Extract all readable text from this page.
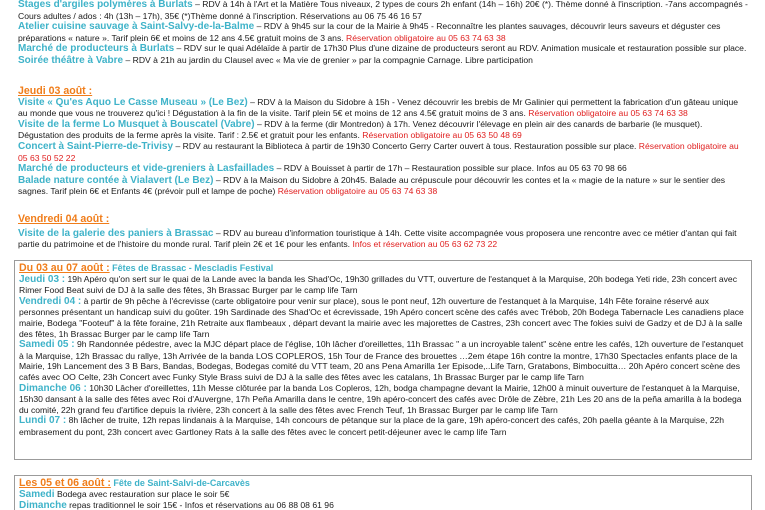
Stages d'argiles polymères à Burlats – RDV à 14h à l'Art et la Matière Tous niveaux, 2 types de cours 2h enfant (14h – 16h) 20€ (*). Thème donné à l'inscription. -7ans accompagnés - Cours adultes / ados : 4h (13h – 17h), 35€ (*)Thème donné à l'inscription. Réservations au 06 75 46 16 57

Atelier cuisine sauvage à Saint-Salvy-de-la-Balme – RDV à 9h45 sur la cour de la Mairie à 9h45 - Reconnaître les plantes sauvages, découvrir leurs saveurs et déguster ces préparations « nature ». Tarif plein 6€ et moins de 12 ans 4.5€ gratuit moins de 3 ans. Réservation obligatoire au 05 63 74 63 38

Marché de producteurs à Burlats – RDV sur le quai Adélaïde à partir de 17h30 Plus d'une dizaine de producteurs seront au RDV. Animation musicale et restauration possible sur place.

Soirée théâtre à Vabre – RDV à 21h au jardin du Clausel avec « Ma vie de grenier » par la compagnie Carnage. Libre participation

Jeudi 03 août :

Visite « Qu'es Aquo Le Casse Museau » (Le Bez) – RDV à la Maison du Sidobre à 15h - Venez découvrir les brebis de Mr Galinier qui permettent la fabrication d'un gâteau unique au monde que vous ne trouverez qu'ici ! Dégustation à la fin de la visite. Tarif plein 5€ et moins de 12 ans 4.5€ gratuit moins de 3 ans. Réservation obligatoire au 05 63 74 63 38

Visite de la ferme Lo Musquet à Bouscatel (Vabre) – RDV à la ferme (dir Montredon) à 17h. Venez découvrir l'élevage en plein air des canards de barbarie (le musquet). Dégustation des produits de la ferme après la visite. Tarif : 2.5€ et gratuit pour les enfants. Réservation obligatoire au 05 63 50 48 69

Concert à Saint-Pierre-de-Trivisy – RDV au restaurant la Biblioteca à partir de 19h30 Concerto Gerry Carter ouvert à tous. Restauration possible sur place. Réservation obligatoire au 05 63 50 52 22

Marché de producteurs et vide-greniers à Lasfaillades – RDV à Bouisset à partir de 17h – Restauration possible sur place. Infos au 05 63 70 98 66

Balade nature contée à Vialavert (Le Bez) – RDV à la Maison du Sidobre à 20h45. Balade au crépuscule pour découvrir les contes et la « magie de la nature » sur le sentier des sagnes. Tarif plein 6€ et Enfants 4€ (prévoir pull et lampe de poche) Réservation obligatoire au 05 63 74 63 38

Vendredi 04 août :

Visite de la galerie des paniers à Brassac – RDV au bureau d'information touristique à 14h. Cette visite accompagnée vous proposera une rencontre avec ce métier d'antan qui fait partie du patrimoine et de l'histoire du monde rural. Tarif plein 2€ et 1€ pour les enfants. Infos et réservation au 05 63 62 73 22

Du 03 au 07 août : Fêtes de Brassac - Mescladis Festival

Jeudi 03 : 19h Apéro qu'on sert sur le quai de la Lande avec la banda les Shad'Oc, 19h30 grillades du VTT, ouverture de l'estanquet à la Marquise, 20h bodega Yeti ride, 23h concert avec Rimer Food Beat suivi de DJ à la salle des fêtes, 3h Brassac Burger par le camp life Tarn

Vendredi 04 : à partir de 9h pêche à l'écrevisse (carte obligatoire pour venir sur place), sous le pont neuf, 12h ouverture de l'estanquet à la Marquise, 14h Fête foraine réservé aux personnes présentant un handicap suivi du goûter. 19h Sardinade des Shad'Oc et écrevissade, 19h Apéro concert scène des cafés avec Trébob, 20h Bodega Tabernacle Les canadiens place mairie, Bodega "Footeuf" à la fête foraine, 21h Retraite aux flambeaux , départ devant la mairie avec les majorettes de Castres, 23h concert avec The fokies suivi de Gadzy et de DJ à la salle des fêtes, 1h Brassac Burger par le camp life Tarn

Samedi 05 : 9h Randonnée pédestre, avec la MJC départ place de l'église, 10h lâcher d'oreillettes, 11h Brassac " a un incroyable talent" scène entre les cafés, 12h ouverture de l'estanquet à la Marquise, 12h Brassac du rallye, 13h Arrivée de la banda LOS COPLEROS, 15h Tour de France des brouettes …2em étape 16h contre la montre, 17h30 Spectacles enfants place de la Mairie, 19h Lancement des 3 B Bars, Bandas, Bodegas, Bodegas comité du VTT team, 20 ans Pena Amarilla 1er Episode,..Life Tarn, Gratabons, Bimbocuitta… 20h Apéro concert scène des cafés avec OO Celte, 23h Concert avec Funky Style Brass suivi de DJ à la salle des fêtes avec les catalans, 1h Brassac Burger par le camp life Tarn

Dimanche 06 : 10h30 Lâcher d'oreillettes, 11h Messe clôturée par la banda Los Copleros, 12h, bodga champagne devant la Mairie, 12h00 à minuit ouverture de l'estanquet à la Marquise, 15h30 dansant à la salle des fêtes avec Roi d'Auvergne, 17h Peña Amarilla dans le centre, 19h apéro-concert des cafés avec Drôle de Zèbre, 21h Les 20 ans de la peña amarilla à la bodega du comité, 22h grand feu d'artifice depuis la rivière, 23h concert à la salle des fêtes avec French Teuf, 1h Brassac Burger par le camp life Tarn

Lundi 07 : 8h lâcher de truite, 12h repas lindanais à la Marquise, 14h concours de pétanque sur la place de la gare, 19h apéro-concert des cafés, 20h paella géante à la Marquise, 22h embrasement du pont, 23h concert avec Gartloney Rats à la salle des fêtes avec le concert petit-déjeuner avec le camp life Tarn

Les 05 et 06 août : Fête de Saint-Salvi-de-Carcavès

Samedi Bodega avec restauration sur place le soir 5€

Dimanche repas traditionnel le soir 15€ - Infos et réservations au 06 88 08 61 96
